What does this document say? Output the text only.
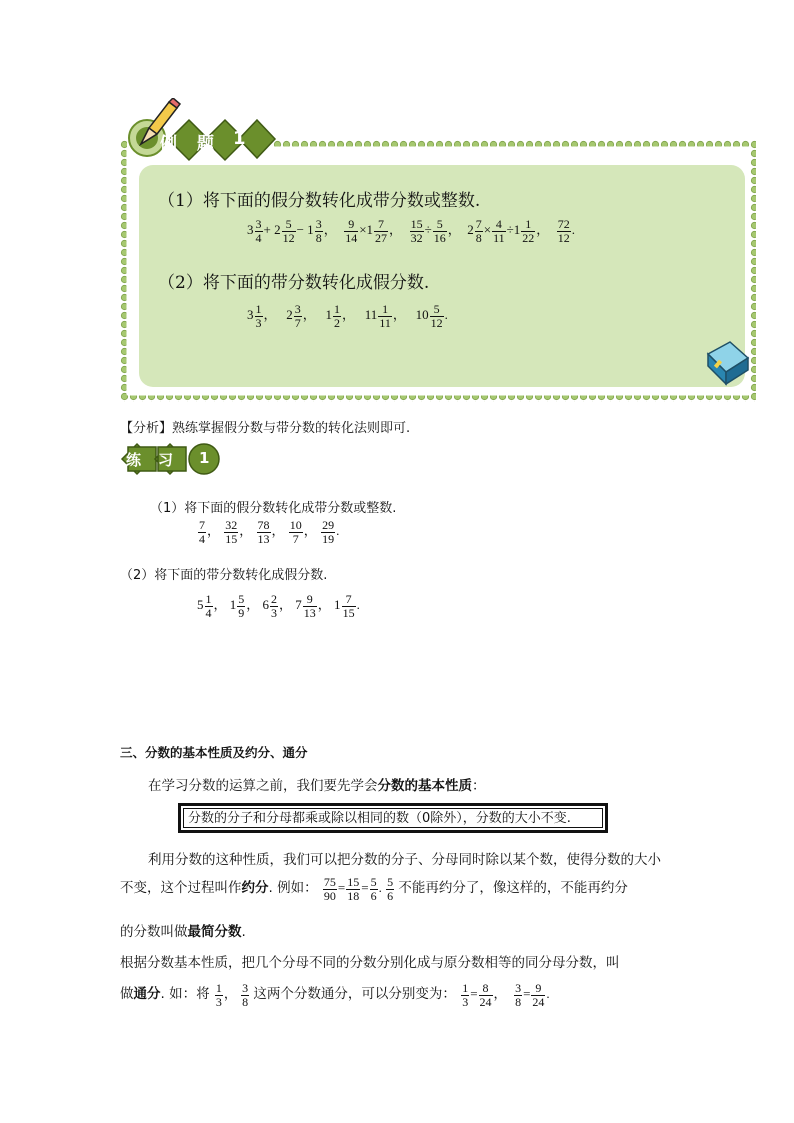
例 题 1
（1）将下面的假分数转化成带分数或整数.
$3 \frac{3}{4} + 2 \frac{5}{12} - 1 \frac{3}{8}$ ， $\frac{9}{14} \times 1 \frac{7}{27}$ ， $\frac{15}{32} \div \frac{5}{16}$ ，  $2 \frac{7}{8} \times \frac{4}{11} \div 1 \frac{1}{22}$ ， $\frac{72}{12}$ .
（2）将下面的带分数转化成假分数.
$3 \frac{1}{3}$ ，   $2 \frac{3}{7}$ ，   $1 \frac{1}{2}$ ，   $11 \frac{1}{11}$ ，   $10 \frac{5}{12}$ .
【分析】熟练掌握假分数与带分数的转化法则即可.
练 习 1
（1）将下面的假分数转化成带分数或整数.
$\frac{7}{4}$ ， $\frac{32}{15}$ ， $\frac{78}{13}$ ， $\frac{10}{7}$ ， $\frac{29}{19}$ .
（2）将下面的带分数转化成假分数.
$5 \frac{1}{4}$ ， $1 \frac{5}{9}$ ， $6 \frac{2}{3}$ ， $7 \frac{9}{13}$ ， $1 \frac{7}{15}$ .
三、分数的基本性质及约分、通分
在学习分数的运算之前，我们要先学会分数的基本性质：
分数的分子和分母都乘或除以相同的数（0除外），分数的大小不变.
利用分数的这种性质，我们可以把分数的分子、分母同时除以某个数，使得分数的大小
不变，这个过程叫作约分. 例如： $\frac{75}{90} = \frac{15}{18} = \frac{5}{6}$ . $\frac{5}{6}$ 不能再约分了，像这样的，不能再约分
的分数叫做最简分数.
根据分数基本性质，把几个分母不同的分数分别化成与原分数相等的同分母分数，叫
做通分. 如：将 $\frac{1}{3}$ ， $\frac{3}{8}$ 这两个分数通分，可以分别变为： $\frac{1}{3} = \frac{8}{24}$ ， $\frac{3}{8} = \frac{9}{24}$ .
